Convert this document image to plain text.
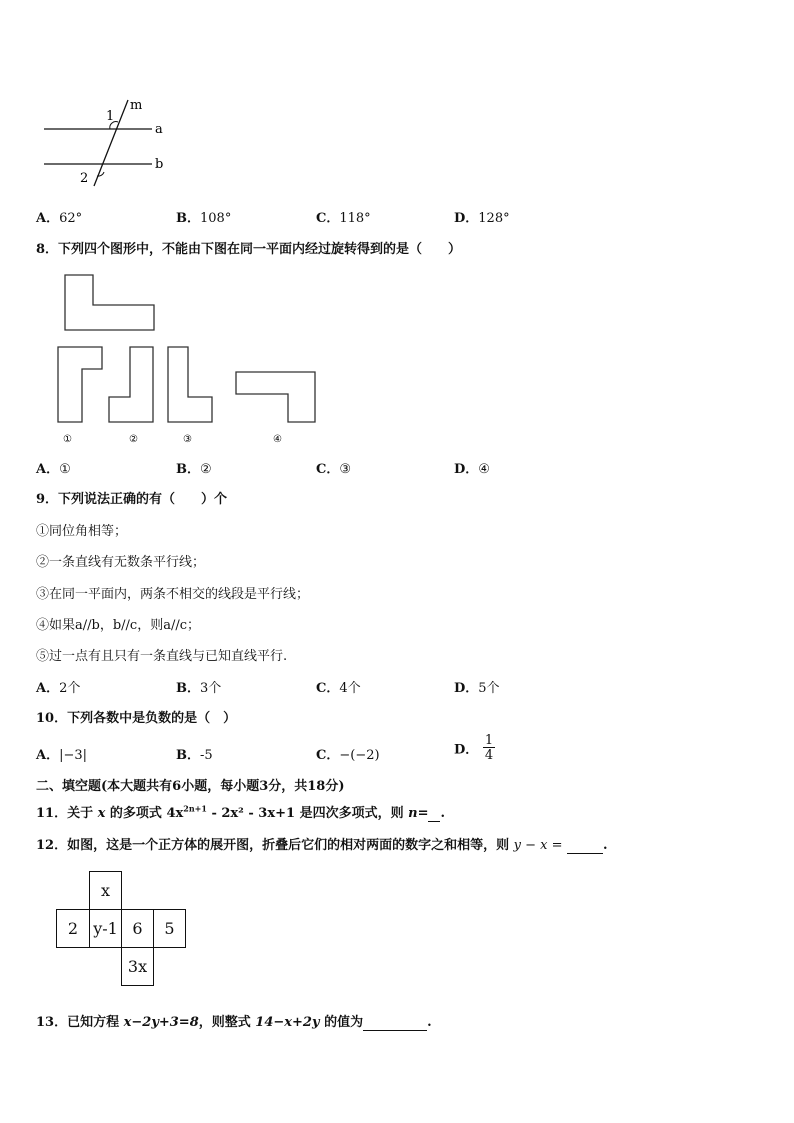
m
1
a
b
2
A．62°	B．108°	C．118°	D．128°
8．下列四个图形中，不能由下图在同一平面内经过旋转得到的是（　　）
①	②	③	④
A．①	B．②	C．③	D．④
9．下列说法正确的有（　　）个
①同位角相等；
②一条直线有无数条平行线；
③在同一平面内，两条不相交的线段是平行线；
④如果a//b，b//c，则a//c；
⑤过一点有且只有一条直线与已知直线平行.
A．2个	B．3个	C．4个	D．5个
10．下列各数中是负数的是（　）
A．|−3|	B．-5	C．−(−2)	D． $\frac{1}{4}$
二、填空题(本大题共有6小题，每小题3分，共18分)
11．关于 x 的多项式 $4x^{2n+1} - 2x^2 - 3x+1$ 是四次多项式，则 n= .
12．如图，这是一个正方体的展开图，折叠后它们的相对两面的数字之和相等，则 y − x =	.
x
2 y-1 6	5
3x
13．已知方程 x−2y+3=8，则整式 14−x+2y 的值为	.
